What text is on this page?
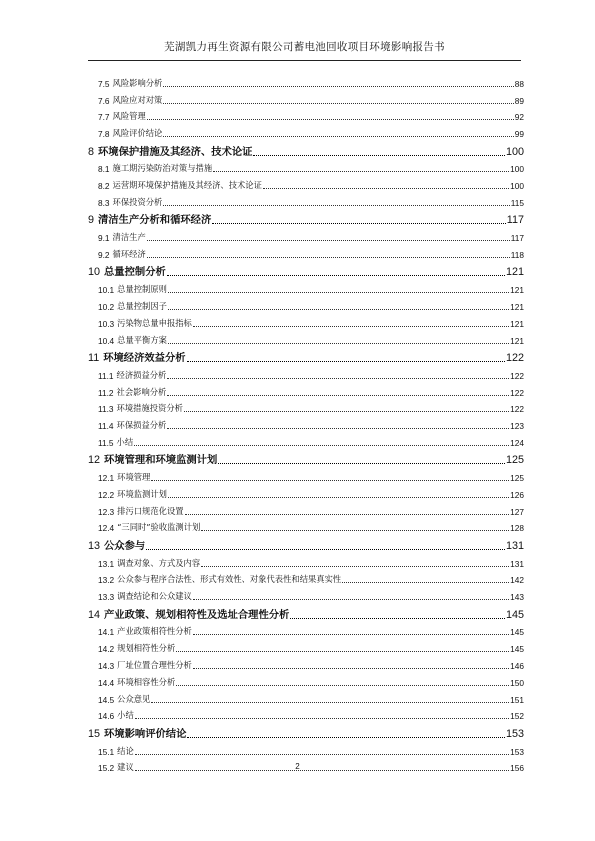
芜湖凯力再生资源有限公司蓄电池回收项目环境影响报告书
7.5 风险影响分析	88
7.6 风险应对对策	89
7.7 风险管理	92
7.8 风险评价结论	99
8 环境保护措施及其经济、技术论证	100
8.1 施工期污染防治对策与措施	100
8.2 运营期环境保护措施及其经济、技术论证	100
8.3 环保投资分析	115
9 清洁生产分析和循环经济	117
9.1 清洁生产	117
9.2 循环经济	118
10 总量控制分析	121
10.1 总量控制原则	121
10.2 总量控制因子	121
10.3 污染物总量申报指标	121
10.4 总量平衡方案	121
11 环境经济效益分析	122
11.1 经济损益分析	122
11.2 社会影响分析	122
11.3 环境措施投资分析	122
11.4 环保损益分析	123
11.5 小结	124
12 环境管理和环境监测计划	125
12.1 环境管理	125
12.2 环境监测计划	126
12.3 排污口规范化设置	127
12.4 “三同时”验收监测计划	128
13 公众参与	131
13.1 调查对象、方式及内容	131
13.2 公众参与程序合法性、形式有效性、对象代表性和结果真实性	142
13.3 调查结论和公众建议	143
14 产业政策、规划相符性及选址合理性分析	145
14.1 产业政策相符性分析	145
14.2 规划相符性分析	145
14.3 厂址位置合理性分析	146
14.4 环境相容性分析	150
14.5 公众意见	151
14.6 小结	152
15 环境影响评价结论	153
15.1 结论	153
15.2 建议	156
2
